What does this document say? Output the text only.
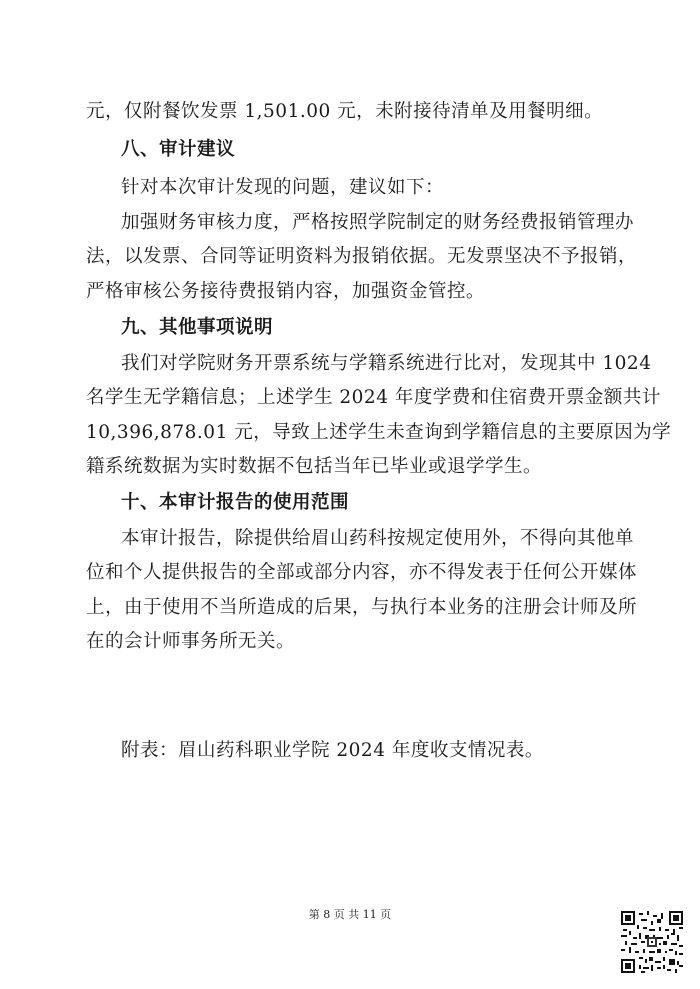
元，仅附餐饮发票 1,501.00 元，未附接待清单及用餐明细。
八、审计建议
针对本次审计发现的问题，建议如下：
加强财务审核力度，严格按照学院制定的财务经费报销管理办
法，以发票、合同等证明资料为报销依据。无发票坚决不予报销，
严格审核公务接待费报销内容，加强资金管控。
九、其他事项说明
我们对学院财务开票系统与学籍系统进行比对，发现其中 1024
名学生无学籍信息；上述学生 2024 年度学费和住宿费开票金额共计
10,396,878.01 元，导致上述学生未查询到学籍信息的主要原因为学
籍系统数据为实时数据不包括当年已毕业或退学学生。
十、本审计报告的使用范围
本审计报告，除提供给眉山药科按规定使用外，不得向其他单
位和个人提供报告的全部或部分内容，亦不得发表于任何公开媒体
上，由于使用不当所造成的后果，与执行本业务的注册会计师及所
在的会计师事务所无关。
附表：眉山药科职业学院 2024 年度收支情况表。
第 8 页 共 11 页
